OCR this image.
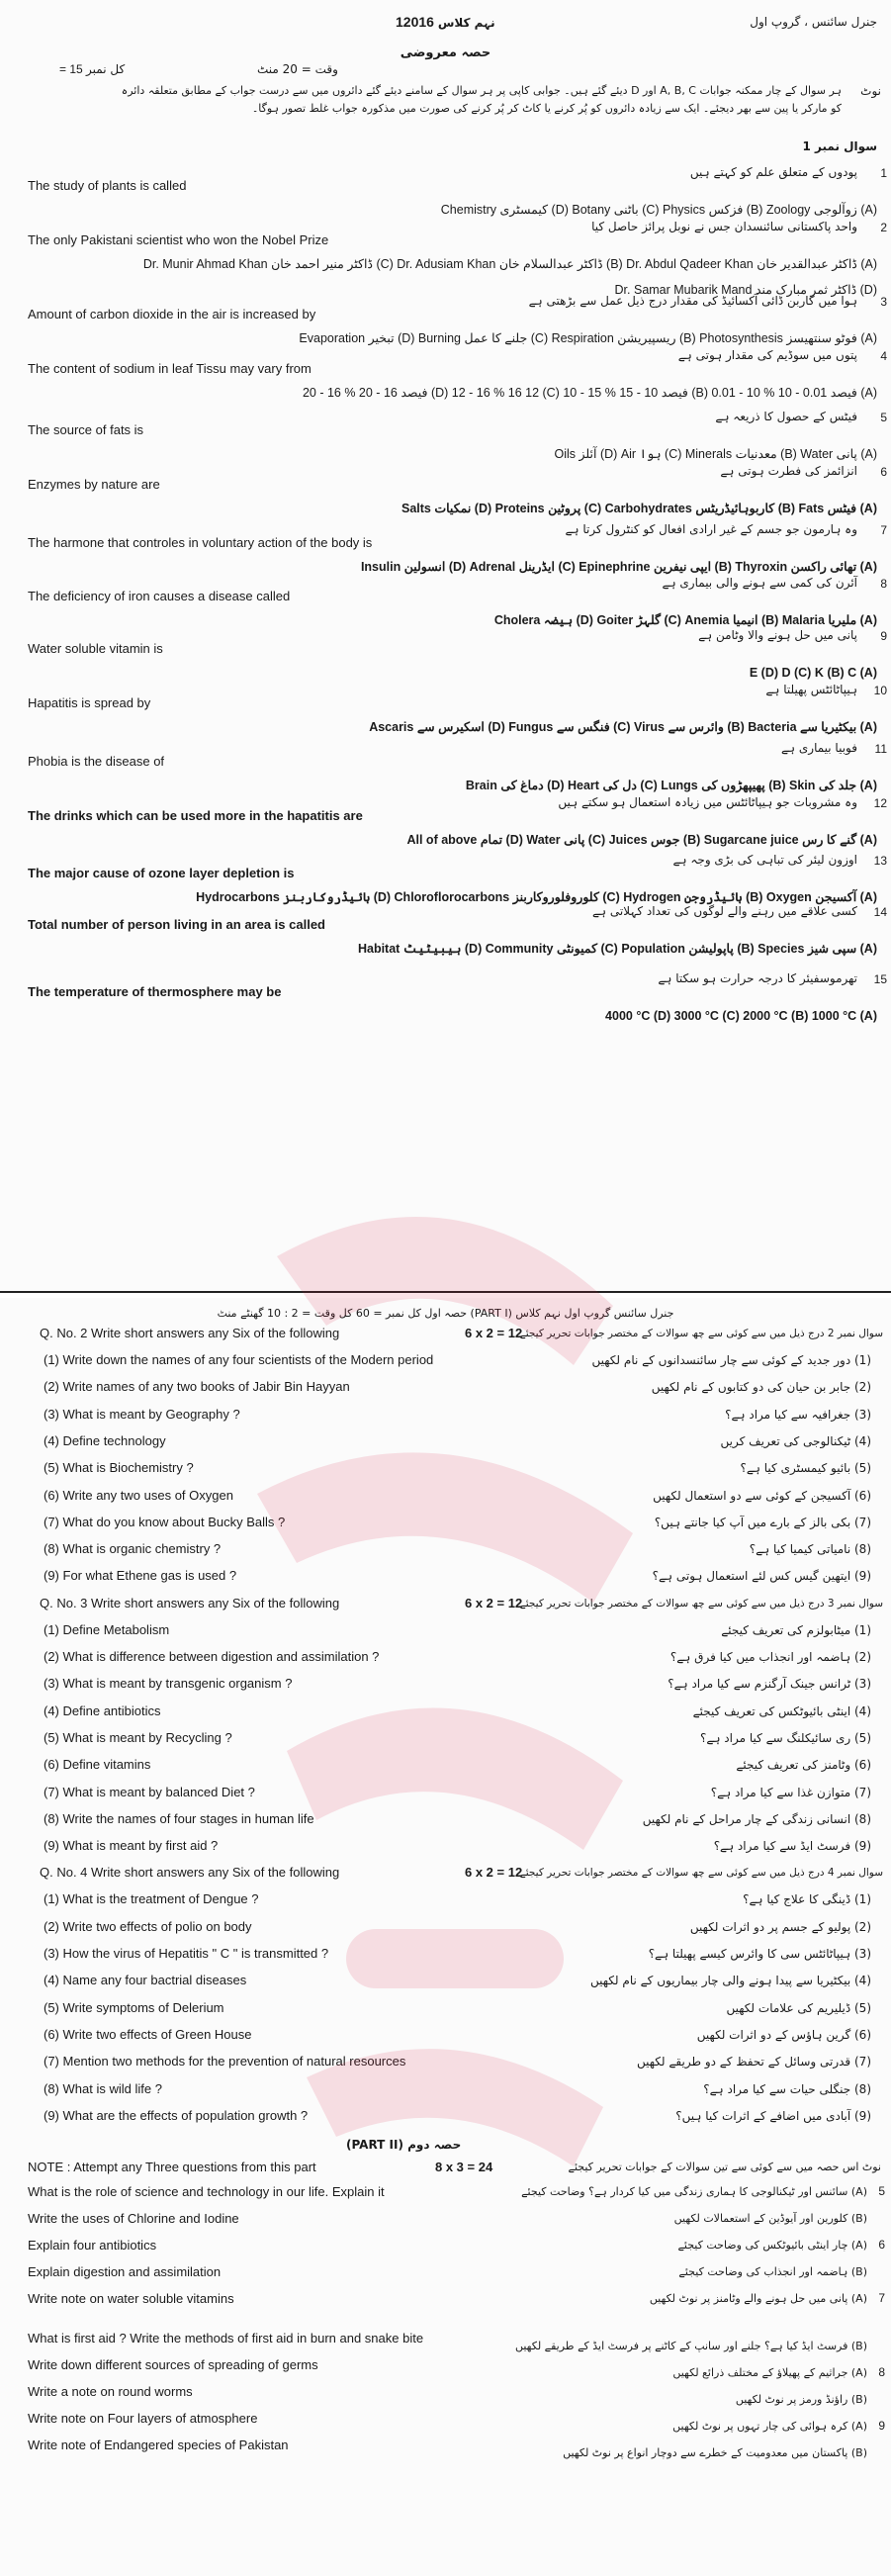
جنرل سائنس ، گروپ اول
12016 نہم کلاس
حصہ معروضی
وقت = 20 منٹ
= 15 کل نمبر
نوٹ
ہر سوال کے چار ممکنہ جوابات A, B, C اور D دیئے گئے ہیں۔ جوابی کاپی پر ہر سوال کے سامنے دیئے گئے دائروں میں سے درست جواب کے مطابق متعلقہ دائرہ
کو مارکر یا پین سے بھر دیجئے۔ ایک سے زیادہ دائروں کو پُر کرنے یا کاٹ کر پُر کرنے کی صورت میں مذکورہ جواب غلط تصور ہوگا۔
سوال نمبر 1
1
پودوں کے متعلق علم کو کہتے ہیں
The study of plants is called
Chemistry کیمسٹری (D) Botany باٹنی (C) Physics فزکس (B) Zoology زوآلوجی (A)
2
واحد پاکستانی سائنسدان جس نے نوبل پرائز حاصل کیا
The only Pakistani scientist who won the Nobel Prize
Dr. Munir Ahmad Khan ڈاکٹر منیر احمد خان (C) Dr. Adusiam Khan ڈاکٹر عبدالسلام خان (B) Dr. Abdul Qadeer Khan ڈاکٹر عبدالقدیر خان (A)
Dr. Samar Mubarik Mand ڈاکٹر ثمر مبارک مند (D)
3
ہوا میں کاربن ڈائی آکسائیڈ کی مقدار درج ذیل عمل سے بڑھتی ہے
Amount of carbon dioxide in the air is increased by
Evaporation تبخیر (D) Burning جلنے کا عمل (C) Respiration ریسپیریشن (B) Photosynthesis فوٹو سنتھیسز (A)
4
پتوں میں سوڈیم کی مقدار ہوتی ہے
The content of sodium in leaf Tissu may vary from
20 - 16 % فیصد 16 - 20 (D) 12 - 16 % 16 12 (C) 10 - 15 % فیصد 10 - 15 (B) 0.01 - 10 % فیصد 0.01 - 10 (A)
5
فیٹس کے حصول کا ذریعہ ہے
The source of fats is
Oils آئلز (D) Air ہوا (C) Minerals معدنیات (B) Water پانی (A)
6
انزائمز کی فطرت ہوتی ہے
Enzymes by nature are
Salts نمکیات (D) Proteins پروٹین (C) Carbohydrates کاربوہائیڈریٹس (B) Fats فیٹس (A)
7
وہ ہارمون جو جسم کے غیر ارادی افعال کو کنٹرول کرتا ہے
The harmone that controles in voluntary action of the body is
Insulin انسولین (D) Adrenal ایڈرینل (C) Epinephrine ایپی نیفرین (B) Thyroxin تھائی راکسن (A)
8
آئرن کی کمی سے ہونے والی بیماری ہے
The deficiency of iron causes a disease called
Cholera ہیضہ (D) Goiter گلہڑ (C) Anemia انیمیا (B) Malaria ملیریا (A)
9
پانی میں حل ہونے والا وٹامن ہے
Water soluble vitamin is
E (D) D (C) K (B) C (A)
10
ہیپاٹائٹس پھیلتا ہے
Hapatitis is spread by
Ascaris اسکیرس سے (D) Fungus فنگس سے (C) Virus وائرس سے (B) Bacteria بیکٹیریا سے (A)
11
فوبیا بیماری ہے
Phobia is the disease of
Brain دماغ کی (D) Heart دل کی (C) Lungs پھیپھڑوں کی (B) Skin جلد کی (A)
12
وہ مشروبات جو ہیپاٹائٹس میں زیادہ استعمال ہو سکتے ہیں
The drinks which can be used more in the hapatitis are
All of above تمام (D) Water پانی (C) Juices جوس (B) Sugarcane juice گنے کا رس (A)
13
اوزون لیئر کی تباہی کی بڑی وجہ ہے
The major cause of ozone layer depletion is
Hydrocarbons ہائیڈروکاربنز (D) Chloroflorocarbons کلوروفلوروکاربنز (C) Hydrogen ہائیڈروجن (B) Oxygen آکسیجن (A)
14
کسی علاقے میں رہنے والے لوگوں کی تعداد کہلاتی ہے
Total number of person living in an area is called
Habitat ہیبیٹیٹ (D) Community کمیونٹی (C) Population پاپولیشن (B) Species سپی شیز (A)
15
تھرموسفیئر کا درجہ حرارت ہو سکتا ہے
The temperature of thermosphere may be
4000 °C (D) 3000 °C (C) 2000 °C (B) 1000 °C (A)
جنرل سائنس گروپ اول نہم کلاس (PART I) حصہ اول کل نمبر = 60 کل وقت = 2 : 10 گھنٹے منٹ
Q. No. 2 Write short answers any Six of the following	6 x 2 = 12
سوال نمبر 2 درج ذیل میں سے کوئی سے چھ سوالات کے مختصر جوابات تحریر کیجئے
(1) Write down the names of any four scientists of the Modern period	(1) دور جدید کے کوئی سے چار سائنسدانوں کے نام لکھیں
(2) Write names of any two books of Jabir Bin Hayyan	(2) جابر بن حیان کی دو کتابوں کے نام لکھیں
(3) What is meant by Geography ?	(3) جغرافیہ سے کیا مراد ہے؟
(4) Define technology	(4) ٹیکنالوجی کی تعریف کریں
(5) What is Biochemistry ?	(5) بائیو کیمسٹری کیا ہے؟
(6) Write any two uses of Oxygen	(6) آکسیجن کے کوئی سے دو استعمال لکھیں
(7) What do you know about Bucky Balls ?	(7) بکی بالز کے بارے میں آپ کیا جانتے ہیں؟
(8) What is organic chemistry ?	(8) نامیاتی کیمیا کیا ہے؟
(9) For what Ethene gas is used ?	(9) ایتھین گیس کس لئے استعمال ہوتی ہے؟
Q. No. 3 Write short answers any Six of the following	6 x 2 = 12
سوال نمبر 3 درج ذیل میں سے کوئی سے چھ سوالات کے مختصر جوابات تحریر کیجئے
(1) Define Metabolism	(1) میٹابولزم کی تعریف کیجئے
(2) What is difference between digestion and assimilation ?	(2) ہاضمہ اور انجذاب میں کیا فرق ہے؟
(3) What is meant by transgenic organism ?	(3) ٹرانس جینک آرگنزم سے کیا مراد ہے؟
(4) Define antibiotics	(4) اینٹی بائیوٹکس کی تعریف کیجئے
(5) What is meant by Recycling ?	(5) ری سائیکلنگ سے کیا مراد ہے؟
(6) Define vitamins	(6) وٹامنز کی تعریف کیجئے
(7) What is meant by balanced Diet ?	(7) متوازن غذا سے کیا مراد ہے؟
(8) Write the names of four stages in human life	(8) انسانی زندگی کے چار مراحل کے نام لکھیں
(9) What is meant by first aid ?	(9) فرسٹ ایڈ سے کیا مراد ہے؟
Q. No. 4 Write short answers any Six of the following	6 x 2 = 12
سوال نمبر 4 درج ذیل میں سے کوئی سے چھ سوالات کے مختصر جوابات تحریر کیجئے
(1) What is the treatment of Dengue ?	(1) ڈینگی کا علاج کیا ہے؟
(2) Write two effects of polio on body	(2) پولیو کے جسم پر دو اثرات لکھیں
(3) How the virus of Hepatitis " C " is transmitted ?	(3) ہیپاٹائٹس سی کا وائرس کیسے پھیلتا ہے؟
(4) Name any four bactrial diseases	(4) بیکٹیریا سے پیدا ہونے والی چار بیماریوں کے نام لکھیں
(5) Write symptoms of Delerium	(5) ڈیلیریم کی علامات لکھیں
(6) Write two effects of Green House	(6) گرین ہاؤس کے دو اثرات لکھیں
(7) Mention two methods for the prevention of natural resources	(7) قدرتی وسائل کے تحفظ کے دو طریقے لکھیں
(8) What is wild life ?	(8) جنگلی حیات سے کیا مراد ہے؟
(9) What are the effects of population growth ?	(9) آبادی میں اضافے کے اثرات کیا ہیں؟
(PART II) حصہ دوم
NOTE : Attempt any Three questions from this part	8 x 3 = 24	نوٹ اس حصہ میں سے کوئی سے تین سوالات کے جوابات تحریر کیجئے
What is the role of science and technology in our life. Explain it	(A) سائنس اور ٹیکنالوجی کا ہماری زندگی میں کیا کردار ہے؟ وضاحت کیجئے 5
Write the uses of Chlorine and Iodine	(B) کلورین اور آیوڈین کے استعمالات لکھیں
Explain four antibiotics	(A) چار اینٹی بائیوٹکس کی وضاحت کیجئے 6
Explain digestion and assimilation	(B) ہاضمہ اور انجذاب کی وضاحت کیجئے
Write note on water soluble vitamins	(A) پانی میں حل ہونے والے وٹامنز پر نوٹ لکھیں 7
What is first aid ? Write the methods of first aid in burn and snake bite
(B) فرسٹ ایڈ کیا ہے؟ جلنے اور سانپ کے کاٹنے پر فرسٹ ایڈ کے طریقے لکھیں
Write down different sources of spreading of germs
(A) جراثیم کے پھیلاؤ کے مختلف ذرائع لکھیں 8
Write a note on round worms
(B) راؤنڈ ورمز پر نوٹ لکھیں
Write note on Four layers of atmosphere
(A) کرہ ہوائی کی چار تہوں پر نوٹ لکھیں 9
Write note of Endangered species of Pakistan
(B) پاکستان میں معدومیت کے خطرے سے دوچار انواع پر نوٹ لکھیں
